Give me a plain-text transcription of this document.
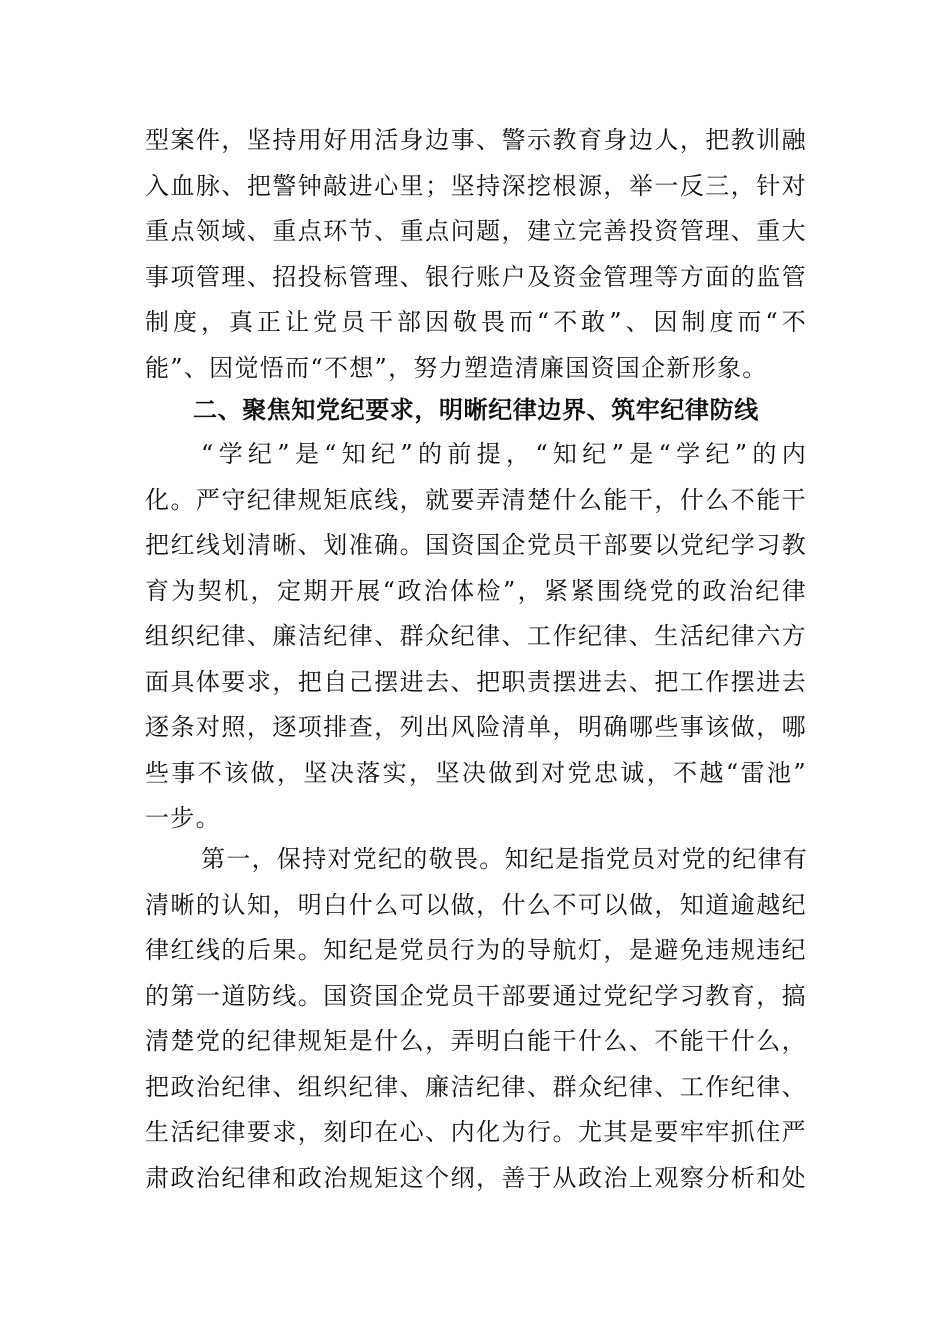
型案件，坚持用好用活身边事、警示教育身边人，把教训融
入血脉、把警钟敲进心里；坚持深挖根源，举一反三，针对
重点领域、重点环节、重点问题，建立完善投资管理、重大
事项管理、招投标管理、银行账户及资金管理等方面的监管
制度，真正让党员干部因敬畏而“不敢”、因制度而“不
能”、因觉悟而“不想”，努力塑造清廉国资国企新形象。
二、聚焦知党纪要求，明晰纪律边界、筑牢纪律防线
“学纪”是“知纪”的前提，“知纪”是“学纪”的内
化。严守纪律规矩底线，就要弄清楚什么能干，什么不能干
把红线划清晰、划准确。国资国企党员干部要以党纪学习教
育为契机，定期开展“政治体检”，紧紧围绕党的政治纪律
组织纪律、廉洁纪律、群众纪律、工作纪律、生活纪律六方
面具体要求，把自己摆进去、把职责摆进去、把工作摆进去
逐条对照，逐项排查，列出风险清单，明确哪些事该做，哪
些事不该做，坚决落实，坚决做到对党忠诚，不越“雷池”
一步。
第一，保持对党纪的敬畏。知纪是指党员对党的纪律有
清晰的认知，明白什么可以做，什么不可以做，知道逾越纪
律红线的后果。知纪是党员行为的导航灯，是避免违规违纪
的第一道防线。国资国企党员干部要通过党纪学习教育，搞
清楚党的纪律规矩是什么，弄明白能干什么、不能干什么，
把政治纪律、组织纪律、廉洁纪律、群众纪律、工作纪律、
生活纪律要求，刻印在心、内化为行。尤其是要牢牢抓住严
肃政治纪律和政治规矩这个纲，善于从政治上观察分析和处
